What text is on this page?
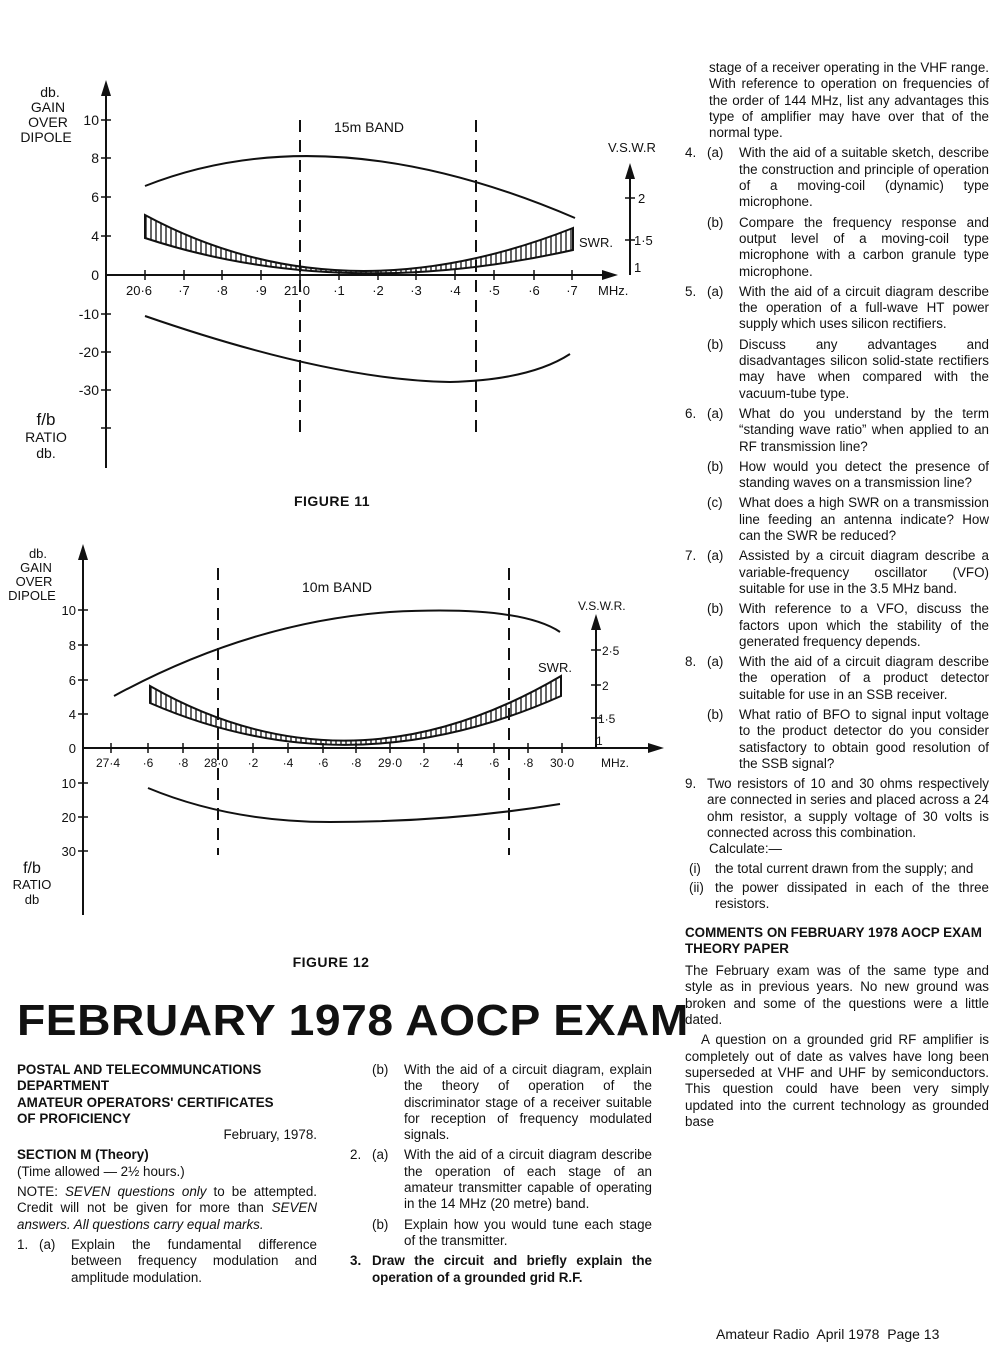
db.
GAIN
OVER
DIPOLE
f/b
RATIO
db.
10
8
6
4
0
-10
-20
-30
20·6 ·7 ·8 ·9 21·0 ·1 ·2 ·3 ·4 ·5 ·6 ·7 MHz.
15m BAND
SWR.
V.S.W.R
2
1·5
1
FIGURE 11
db.
GAIN
OVER
DIPOLE
f/b
RATIO
db
10
8
6
4
0
10
20
30
27·4 ·6 ·8 28·0 ·2 ·4 ·6 ·8 29·0 ·2 ·4 ·6 ·8 30·0 MHz.
10m BAND
SWR.
V.S.W.R.
2·5
2
1·5
1
FIGURE 12
FEBRUARY 1978 AOCP EXAM
POSTAL AND TELECOMMUNCATIONS
DEPARTMENT
AMATEUR OPERATORS' CERTIFICATES
OF PROFICIENCY
February, 1978.
SECTION M (Theory)
(Time allowed — 2½ hours.)
NOTE: SEVEN questions only to be attempted. Credit will not be given for more than SEVEN answers. All questions carry equal marks.
1. (a)	Explain the fundamental difference between frequency modulation and amplitude modulation.
(b)	With the aid of a circuit diagram, explain the theory of operation of the discriminator stage of a receiver suitable for reception of frequency modulated signals.
2. (a)	With the aid of a circuit diagram describe the operation of each stage of an amateur transmitter capable of operating in the 14 MHz (20 metre) band.
(b)	Explain how you would tune each stage of the transmitter.
3. Draw the circuit and briefly explain the operation of a grounded grid R.F.
stage of a receiver operating in the VHF range. With reference to operation on frequencies of the order of 144 MHz, list any advantages this type of amplifier may have over that of the normal type.
4. (a)	With the aid of a suitable sketch, describe the construction and principle of operation of a moving-coil (dynamic) type microphone.
(b)	Compare the frequency response and output level of a moving-coil type microphone with a carbon granule type microphone.
5. (a)	With the aid of a circuit diagram describe the operation of a full-wave HT power supply which uses silicon rectifiers.
(b)	Discuss any advantages and disadvantages silicon solid-state rectifiers may have when compared with the vacuum-tube type.
6. (a)	What do you understand by the term “standing wave ratio” when applied to an RF transmission line?
(b)	How would you detect the presence of standing waves on a transmission line?
(c)	What does a high SWR on a transmission line feeding an antenna indicate? How can the SWR be reduced?
7. (a)	Assisted by a circuit diagram describe a variable-frequency oscillator (VFO) suitable for use in the 3.5 MHz band.
(b)	With reference to a VFO, discuss the factors upon which the stability of the generated frequency depends.
8. (a)	With the aid of a circuit diagram describe the operation of a product detector suitable for use in an SSB receiver.
(b)	What ratio of BFO to signal input voltage to the product detector do you consider satisfactory to obtain good resolution of the SSB signal?
9. Two resistors of 10 and 30 ohms respectively are connected in series and placed across a 24 ohm resistor, a supply voltage of 30 volts is connected across this combination.
Calculate:—
(i)	the total current drawn from the supply; and
(ii) the power dissipated in each of the three resistors.
COMMENTS ON FEBRUARY 1978 AOCP EXAM THEORY PAPER
The February exam was of the same type and style as in previous years. No new ground was broken and some of the questions were a little dated.
A question on a grounded grid RF amplifier is completely out of date as valves have long been superseded at VHF and UHF by semiconductors. This question could have been very simply updated into the current technology as grounded base
Amateur Radio  April 1978  Page 13
